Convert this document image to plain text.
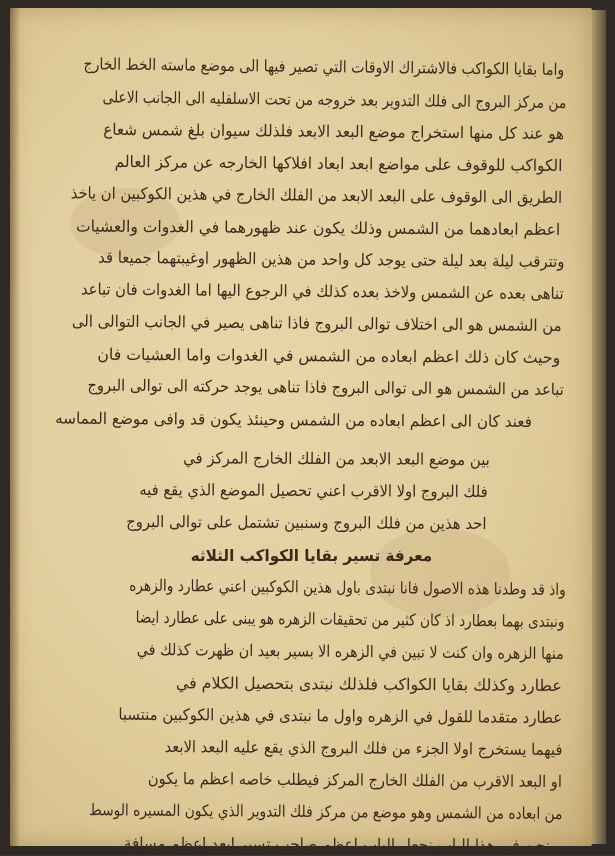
واما بقايا الكواكب فالاشتراك الاوقات التي تصير فيها الى موضع ماسته الخط الخارج
من مركز البروج الى فلك التدوير بعد خروجه من تحت الاسلفليه الى الجانب الاعلى
هو عند كل منها استخراج موضع البعد الابعد فلذلك سيوان بلغ شمس شعاع
الكواكب للوقوف على مواضع ابعد ابعاد افلاكها الخارجه عن مركز العالم
الطريق الى الوقوف على البعد الابعد من الفلك الخارج في هذين الكوكبين ان ياخذ
اعظم ابعادهما من الشمس وذلك يكون عند ظهورهما في الغدوات والعشيات
وتترقب ليلة بعد ليلة حتى يوجد كل واحد من هذين الظهور اوغيبتهما جميعا قد
تناهى بعده عن الشمس ولاخذ بعده كذلك في الرجوع اليها اما الغدوات فان تباعد
من الشمس هو الى اختلاف توالى البروج فاذا تناهى يصير في الجانب التوالى الى
وحيث كان ذلك اعظم ابعاده من الشمس في الغدوات واما العشيات فان
تباعد من الشمس هو الى توالى البروج فاذا تناهى يوجد حركته الى توالى البروج
فعند كان الى اعظم ابعاده من الشمس وحينئذ يكون قد وافى موضع المماسه
بين موضع البعد الابعد من الفلك الخارج المركز في
فلك البروج اولا الاقرب اعني تحصيل الموضع الذي يقع فيه
احد هذين من فلك البروج وسنبين تشتمل على توالى البروج
معرفة تسير بقايا الكواكب الثلاثه
واذ قد وطدنا هذه الاصول فانا نبتدى باول هذين الكوكبين اعني عطارد والزهره
ونبتدى بهما بعطارد اذ كان كثير من تحقيقات الزهره هو يبنى على عطارد ايضا
منها الزهره وان كنت لا تبين في الزهره الا بسير بعيد ان ظهرت كذلك في
عطارد وكذلك بقايا الكواكب فلذلك نبتدى بتحصيل الكلام في
عطارد متقدما للقول في الزهره واول ما نبتدى في هذين الكوكبين منتسبا
فيهما يستخرج اولا الجزء من فلك البروج الذي يقع عليه البعد الابعد
او البعد الاقرب من الفلك الخارج المركز فيطلب خاصه اعظم ما يكون
من ابعاده من الشمس وهو موضع من مركز فلك التدوير الذي يكون المسيره الوسط
ونحن في هذا الباب نجعل الباب اعظم صاحب تسير ابعد اعظم مسافة
